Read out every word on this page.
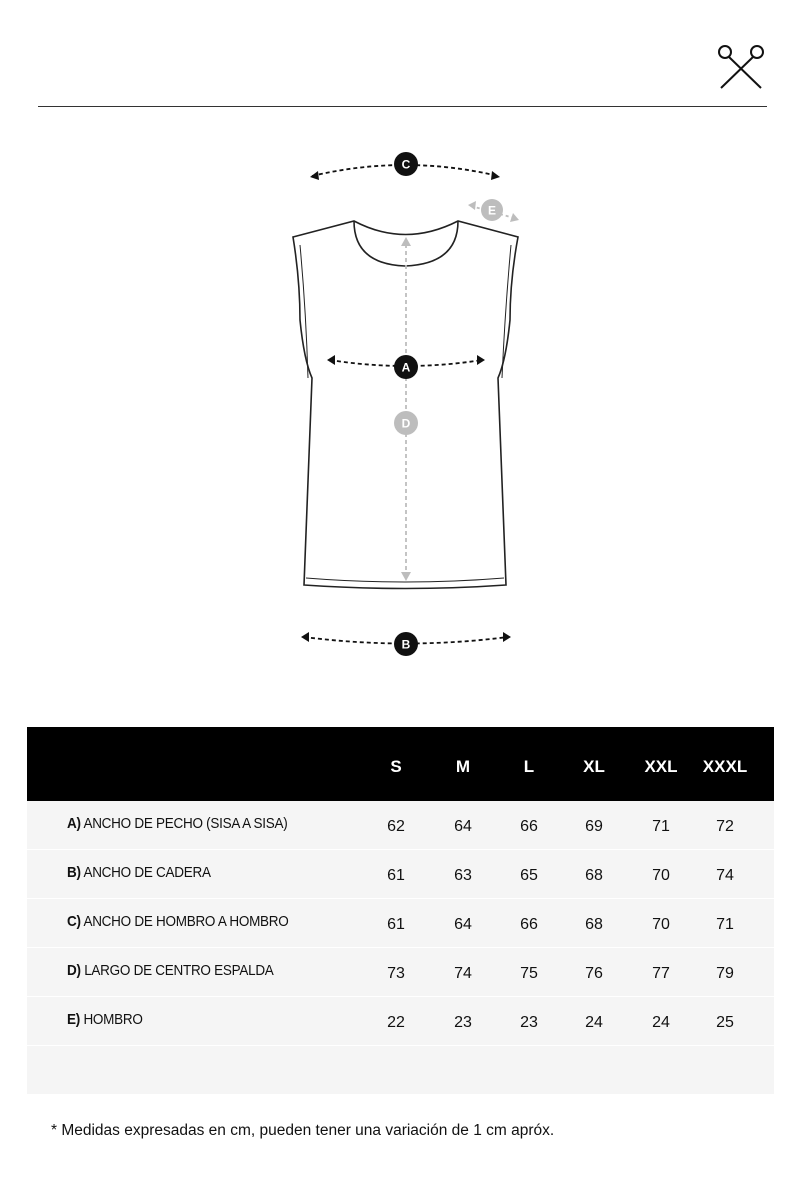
C
E
A
D
B
S	M	L	XL	XXL	XXXL
A) ANCHO DE PECHO (SISA A SISA)	62	64	66	69	71	72
B) ANCHO DE CADERA	61	63	65	68	70	74
C) ANCHO DE HOMBRO A HOMBRO	61	64	66	68	70	71
D) LARGO DE CENTRO ESPALDA	73	74	75	76	77	79
E) HOMBRO	22	23	23	24	24	25
* Medidas expresadas en cm, pueden tener una variación de 1 cm apróx.
